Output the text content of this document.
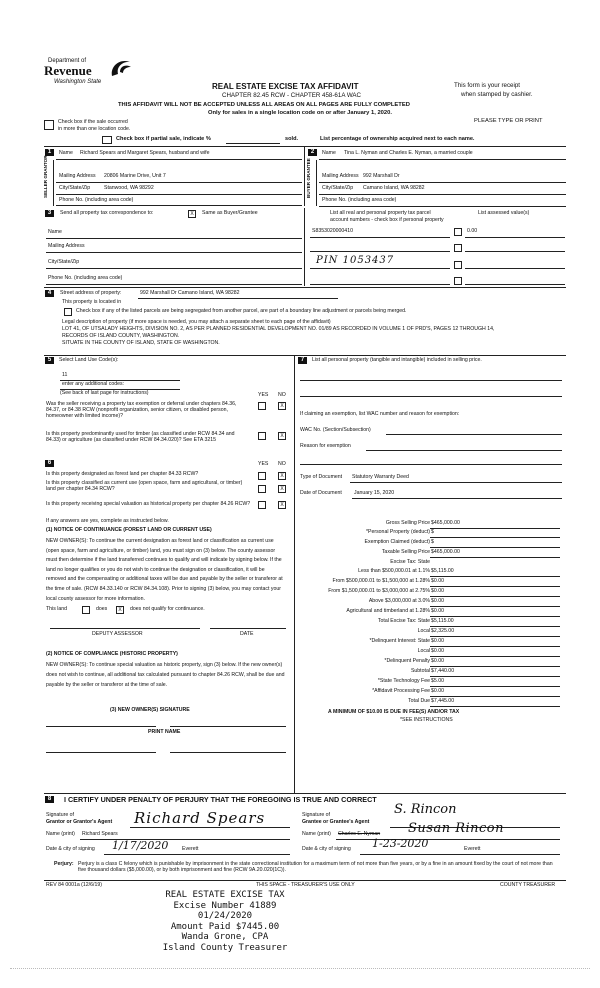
Department of
Revenue
Washington State	REAL ESTATE EXCISE TAX AFFIDAVIT
CHAPTER 82.45 RCW - CHAPTER 458-61A WAC
This form is your receipt
when stamped by cashier.
THIS AFFIDAVIT WILL NOT BE ACCEPTED UNLESS ALL AREAS ON ALL PAGES ARE FULLY COMPLETED
Only for sales in a single location code on or after January 1, 2020.
PLEASE TYPE OR PRINT
Check box if the sale occurred
in more than one location code.
Check box if partial sale, indicate %	sold.	List percentage of ownership acquired next to each name.
1	2
Name Richard Spears and Margaret Spears, husband and wife
SELLER GRANTOR Mailing Address 20806 Marine Drive, Unit 7
City/State/Zip	Stanwood, WA 98292
Phone No. (including area code)
Name Tina L. Nyman and Charles E. Nyman, a married couple
BUYER GRANTEE Mailing Address 992 Marshall Dr
City/State/Zip Camano Island, WA 98282
Phone No. (including area code)
3	Send all property tax correspondence to:	X	Same as Buyer/Grantee
Name
Mailing Address
City/State/Zip
Phone No. (including area code)
List all real and personal property tax parcel
account numbers - check box if personal property
List assessed value(s)
S8353020000410	0.00
PIN 1053437
4	Street address of property:	992 Marshall Dr Camano Island, WA 98282
This property is located in
Check box if any of the listed parcels are being segregated from another parcel, are part of a boundary line adjustment or parcels being merged.
Legal description of property (if more space is needed, you may attach a separate sheet to each page of the affidavit)
LOT 41, OF UTSALADY HEIGHTS, DIVISION NO. 2, AS PER PLANNED RESIDENTIAL DEVELOPMENT NO. 01/89 AS RECORDED IN VOLUME 1 OF PRD'S, PAGES 12 THROUGH 14,
RECORDS OF ISLAND COUNTY, WASHINGTON.
SITUATE IN THE COUNTY OF ISLAND, STATE OF WASHINGTON.
5	7
Select Land Use Code(s):
11
enter any additional codes:
(See back of last page for instructions)	YES NO
Was the seller receiving a property tax exemption or deferral under chapters 84.36, 84.37, or 84.38 RCW (nonprofit organization, senior citizen, or disabled person, homeowner with limited income)?
X
Is this property predominantly used for timber (as classified under RCW 84.34 and 84.33) or agriculture (as classified under RCW 84.34.020)? See ETA 3215
X
6	YES NO
Is this property designated as forest land per chapter 84.33 RCW?	X
Is this property classified as current use (open space, farm and agricultural, or timber) land per chapter 84.34 RCW?	X
Is this property receiving special valuation as historical property per chapter 84.26 RCW?	X
If any answers are yes, complete as instructed below.
(1) NOTICE OF CONTINUANCE (FOREST LAND OR CURRENT USE)
NEW OWNER(S): To continue the current designation as forest land or classification as current use (open space, farm and agriculture, or timber) land, you must sign on (3) below. The county assessor must then determine if the land transferred continues to qualify and will indicate by signing below. If the land no longer qualifies or you do not wish to continue the designation or classification, it will be removed and the compensating or additional taxes will be due and payable by the seller or transferor at the time of sale. (RCW 84.33.140 or RCW 84.34.108). Prior to signing (3) below, you may contact your local county assessor for more information.
This land	does	X	does not qualify for continuance.
DEPUTY ASSESSOR	DATE
(2) NOTICE OF COMPLIANCE (HISTORIC PROPERTY)
NEW OWNER(S): To continue special valuation as historic property, sign (3) below. If the new owner(s) does not wish to continue, all additional tax calculated pursuant to chapter 84.26 RCW, shall be due and payable by the seller or transferor at the time of sale.
(3) NEW OWNER(S) SIGNATURE
PRINT NAME
List all personal property (tangible and intangible) included in selling price.
If claiming an exemption, list WAC number and reason for exemption:
WAC No. (Section/Subsection)
Reason for exemption
Type of Document Statutory Warranty Deed
Date of Document January 15, 2020
Gross Selling Price $465,000.00
*Personal Property (deduct) $
Exemption Claimed (deduct) $
Taxable Selling Price $465,000.00
Excise Tax: State
Less than $500,000.01 at 1.1% $5,115.00
From $500,000.01 to $1,500,000 at 1.28% $0.00
From $1,500,000.01 to $3,000,000 at 2.75% $0.00
Above $3,000,000 at 3.0% $0.00
Agricultural and timberland at 1.28% $0.00
Total Excise Tax: State $5,115.00
Local $2,325.00
*Delinquent Interest: State $0.00
Local $0.00
*Delinquent Penalty $0.00
Subtotal $7,440.00
*State Technology Fee $5.00
*Affidavit Processing Fee $0.00
Total Due $7,445.00
A MINIMUM OF $10.00 IS DUE IN FEE(S) AND/OR TAX
*SEE INSTRUCTIONS
8	I CERTIFY UNDER PENALTY OF PERJURY THAT THE FOREGOING IS TRUE AND CORRECT
Signature of
Grantor or Grantor's Agent Richard Spears
Name (print) Richard Spears
Date & city of signing 1/17/2020	Everett
Signature of
Grantee or Grantee's Agent
S. Rincon
Name (print) Charles E. Nyman Susan Rincon
Date & city of signing 1-23-2020	Everett
Perjury: Perjury is a class C felony which is punishable by imprisonment in the state correctional institution for a maximum term of not more than five years, or by a fine in an amount fixed by the court of not more than five thousand dollars ($5,000.00), or by both imprisonment and fine (RCW 9A.20.020(1C)).
REV 84 0001a (12/6/19)	THIS SPACE - TREASURER'S USE ONLY	COUNTY TREASURER
REAL ESTATE EXCISE TAX
Excise Number 41889
01/24/2020
Amount Paid $7445.00
Wanda Grone, CPA
Island County Treasurer
